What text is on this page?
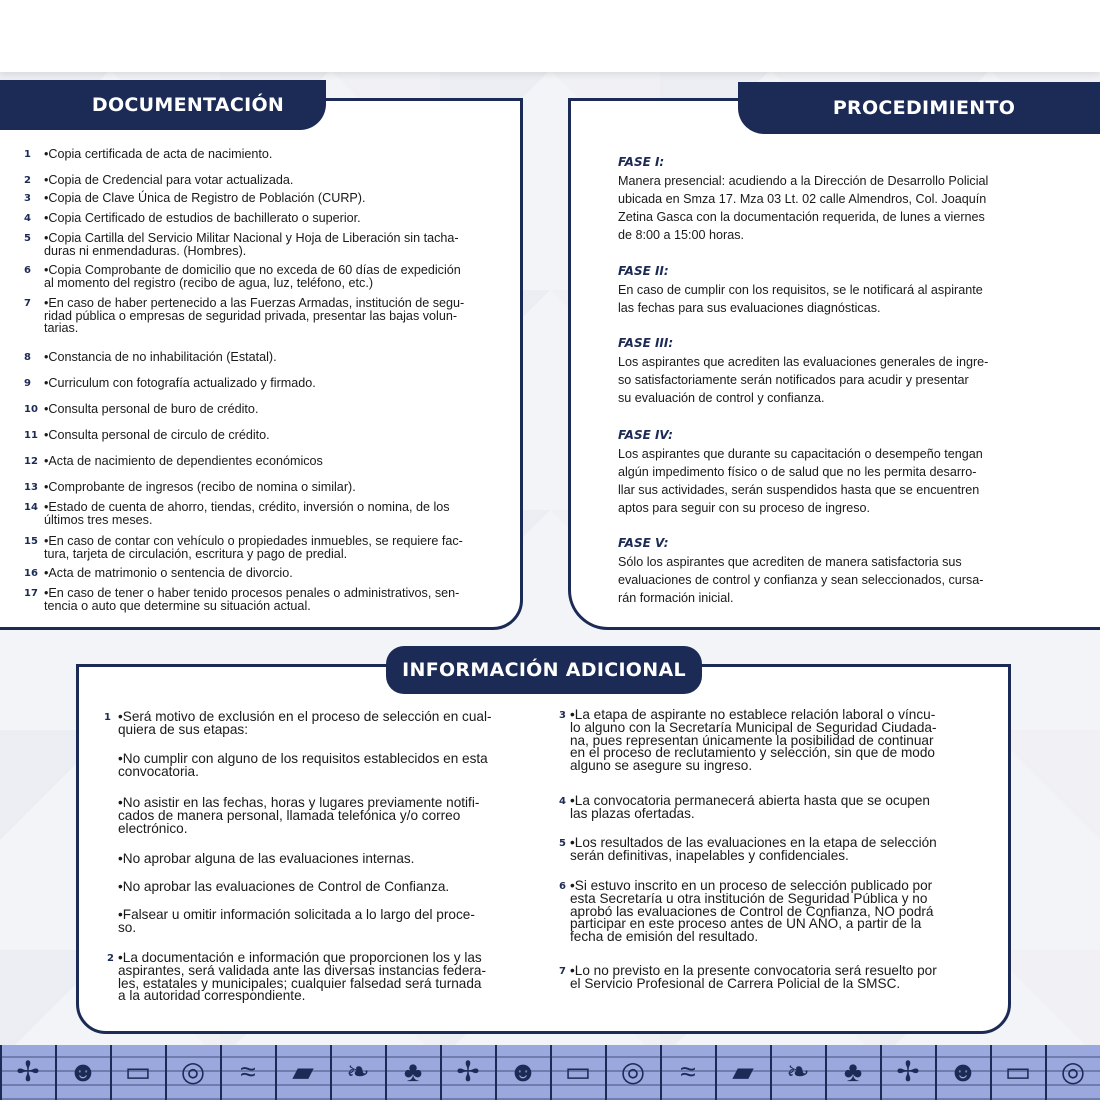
DOCUMENTACIÓN
1 •Copia certificada de acta de nacimiento.
2 •Copia de Credencial para votar actualizada.
3 •Copia de Clave Única de Registro de Población (CURP).
4 •Copia Certificado de estudios de bachillerato o superior.
5 •Copia Cartilla del Servicio Militar Nacional y Hoja de Liberación sin tacha-
duras ni enmendaduras. (Hombres).
6 •Copia Comprobante de domicilio que no exceda de 60 días de expedición
al momento del registro (recibo de agua, luz, teléfono, etc.)
7 •En caso de haber pertenecido a las Fuerzas Armadas, institución de segu-
ridad pública o empresas de seguridad privada, presentar las bajas volun-
tarias.
8 •Constancia de no inhabilitación (Estatal).
9 •Curriculum con fotografía actualizado y firmado.
10 •Consulta personal de buro de crédito.
11 •Consulta personal de circulo de crédito.
12 •Acta de nacimiento de dependientes económicos
13 •Comprobante de ingresos (recibo de nomina o similar).
14 •Estado de cuenta de ahorro, tiendas, crédito, inversión o nomina, de los
últimos tres meses.
15 •En caso de contar con vehículo o propiedades inmuebles, se requiere fac-
tura, tarjeta de circulación, escritura y pago de predial.
16 •Acta de matrimonio o sentencia de divorcio.
17 •En caso de tener o haber tenido procesos penales o administrativos, sen-
tencia o auto que determine su situación actual.
PROCEDIMIENTO
FASE I:
Manera presencial: acudiendo a la Dirección de Desarrollo Policial
ubicada en Smza 17. Mza 03 Lt. 02 calle Almendros, Col. Joaquín
Zetina Gasca con la documentación requerida, de lunes a viernes
de 8:00 a 15:00 horas.
FASE II:
En caso de cumplir con los requisitos, se le notificará al aspirante
las fechas para sus evaluaciones diagnósticas.
FASE III:
Los aspirantes que acrediten las evaluaciones generales de ingre-
so satisfactoriamente serán notificados para acudir y presentar
su evaluación de control y confianza.
FASE IV:
Los aspirantes que durante su capacitación o desempeño tengan
algún impedimento físico o de salud que no les permita desarro-
llar sus actividades, serán suspendidos hasta que se encuentren
aptos para seguir con su proceso de ingreso.
FASE V:
Sólo los aspirantes que acrediten de manera satisfactoria sus
evaluaciones de control y confianza y sean seleccionados, cursa-
rán formación inicial.
INFORMACIÓN ADICIONAL
•Será motivo de exclusión en el proceso de selección en cual-
quiera de sus etapas:
1
•No cumplir con alguno de los requisitos establecidos en esta
convocatoria.
•No asistir en las fechas, horas y lugares previamente notifi-
cados de manera personal, llamada telefónica y/o correo
electrónico.
•No aprobar alguna de las evaluaciones internas.
•No aprobar las evaluaciones de Control de Confianza.
•Falsear u omitir información solicitada a lo largo del proce-
so.
•La documentación e información que proporcionen los y las
aspirantes, será validada ante las diversas instancias federa-
les, estatales y municipales; cualquier falsedad será turnada
a la autoridad correspondiente.
2
•La etapa de aspirante no establece relación laboral o víncu-
lo alguno con la Secretaría Municipal de Seguridad Ciudada-
na, pues representan únicamente la posibilidad de continuar
en el proceso de reclutamiento y selección, sin que de modo
alguno se asegure su ingreso.
3
•La convocatoria permanecerá abierta hasta que se ocupen
las plazas ofertadas.
4
•Los resultados de las evaluaciones en la etapa de selección
serán definitivas, inapelables y confidenciales.
5
•Si estuvo inscrito en un proceso de selección publicado por
esta Secretaría u otra institución de Seguridad Pública y no
aprobó las evaluaciones de Control de Confianza, NO podrá
participar en este proceso antes de UN AÑO, a partir de la
fecha de emisión del resultado.
6
•Lo no previsto en la presente convocatoria será resuelto por
el Servicio Profesional de Carrera Policial de la SMSC.
7
✢ ☻ ▭ ◎	≈	▰	❧	♣	✢ ☻ ▭ ◎	≈	▰	❧	♣	✢ ☻ ▭ ◎
